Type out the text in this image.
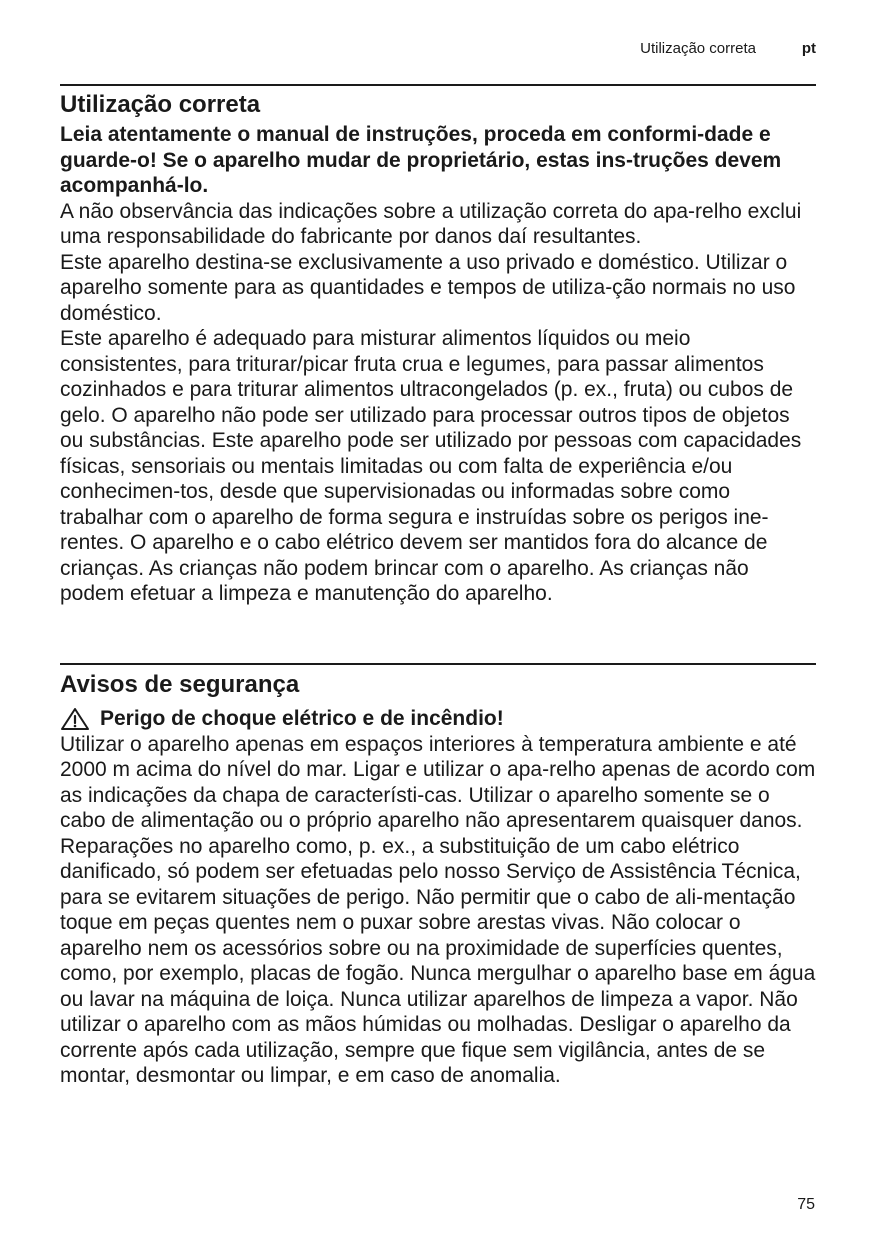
Utilização correta	pt
Utilização correta

Leia atentamente o manual de instruções, proceda em conformi-dade e guarde-o! Se o aparelho mudar de proprietário, estas ins-truções devem acompanhá-lo.

A não observância das indicações sobre a utilização correta do apa-relho exclui uma responsabilidade do fabricante por danos daí resultantes.

Este aparelho destina-se exclusivamente a uso privado e doméstico. Utilizar o aparelho somente para as quantidades e tempos de utiliza-ção normais no uso doméstico.

Este aparelho é adequado para misturar alimentos líquidos ou meio consistentes, para triturar/picar fruta crua e legumes, para passar alimentos cozinhados e para triturar alimentos ultracongelados (p. ex., fruta) ou cubos de gelo. O aparelho não pode ser utilizado para processar outros tipos de objetos ou substâncias. Este aparelho pode ser utilizado por pessoas com capacidades físicas, sensoriais ou mentais limitadas ou com falta de experiência e/ou conhecimen-tos, desde que supervisionadas ou informadas sobre como trabalhar com o aparelho de forma segura e instruídas sobre os perigos ine-rentes. O aparelho e o cabo elétrico devem ser mantidos fora do alcance de crianças. As crianças não podem brincar com o aparelho. As crianças não podem efetuar a limpeza e manutenção do aparelho.

Avisos de segurança

Perigo de choque elétrico e de incêndio!

Utilizar o aparelho apenas em espaços interiores à temperatura ambiente e até 2000 m acima do nível do mar. Ligar e utilizar o apa-relho apenas de acordo com as indicações da chapa de característi-cas. Utilizar o aparelho somente se o cabo de alimentação ou o próprio aparelho não apresentarem quaisquer danos. Reparações no aparelho como, p. ex., a substituição de um cabo elétrico danificado, só podem ser efetuadas pelo nosso Serviço de Assistência Técnica, para se evitarem situações de perigo. Não permitir que o cabo de ali-mentação toque em peças quentes nem o puxar sobre arestas vivas. Não colocar o aparelho nem os acessórios sobre ou na proximidade de superfícies quentes, como, por exemplo, placas de fogão. Nunca mergulhar o aparelho base em água ou lavar na máquina de loiça. Nunca utilizar aparelhos de limpeza a vapor. Não utilizar o aparelho com as mãos húmidas ou molhadas. Desligar o aparelho da corrente após cada utilização, sempre que fique sem vigilância, antes de se montar, desmontar ou limpar, e em caso de anomalia.

75
